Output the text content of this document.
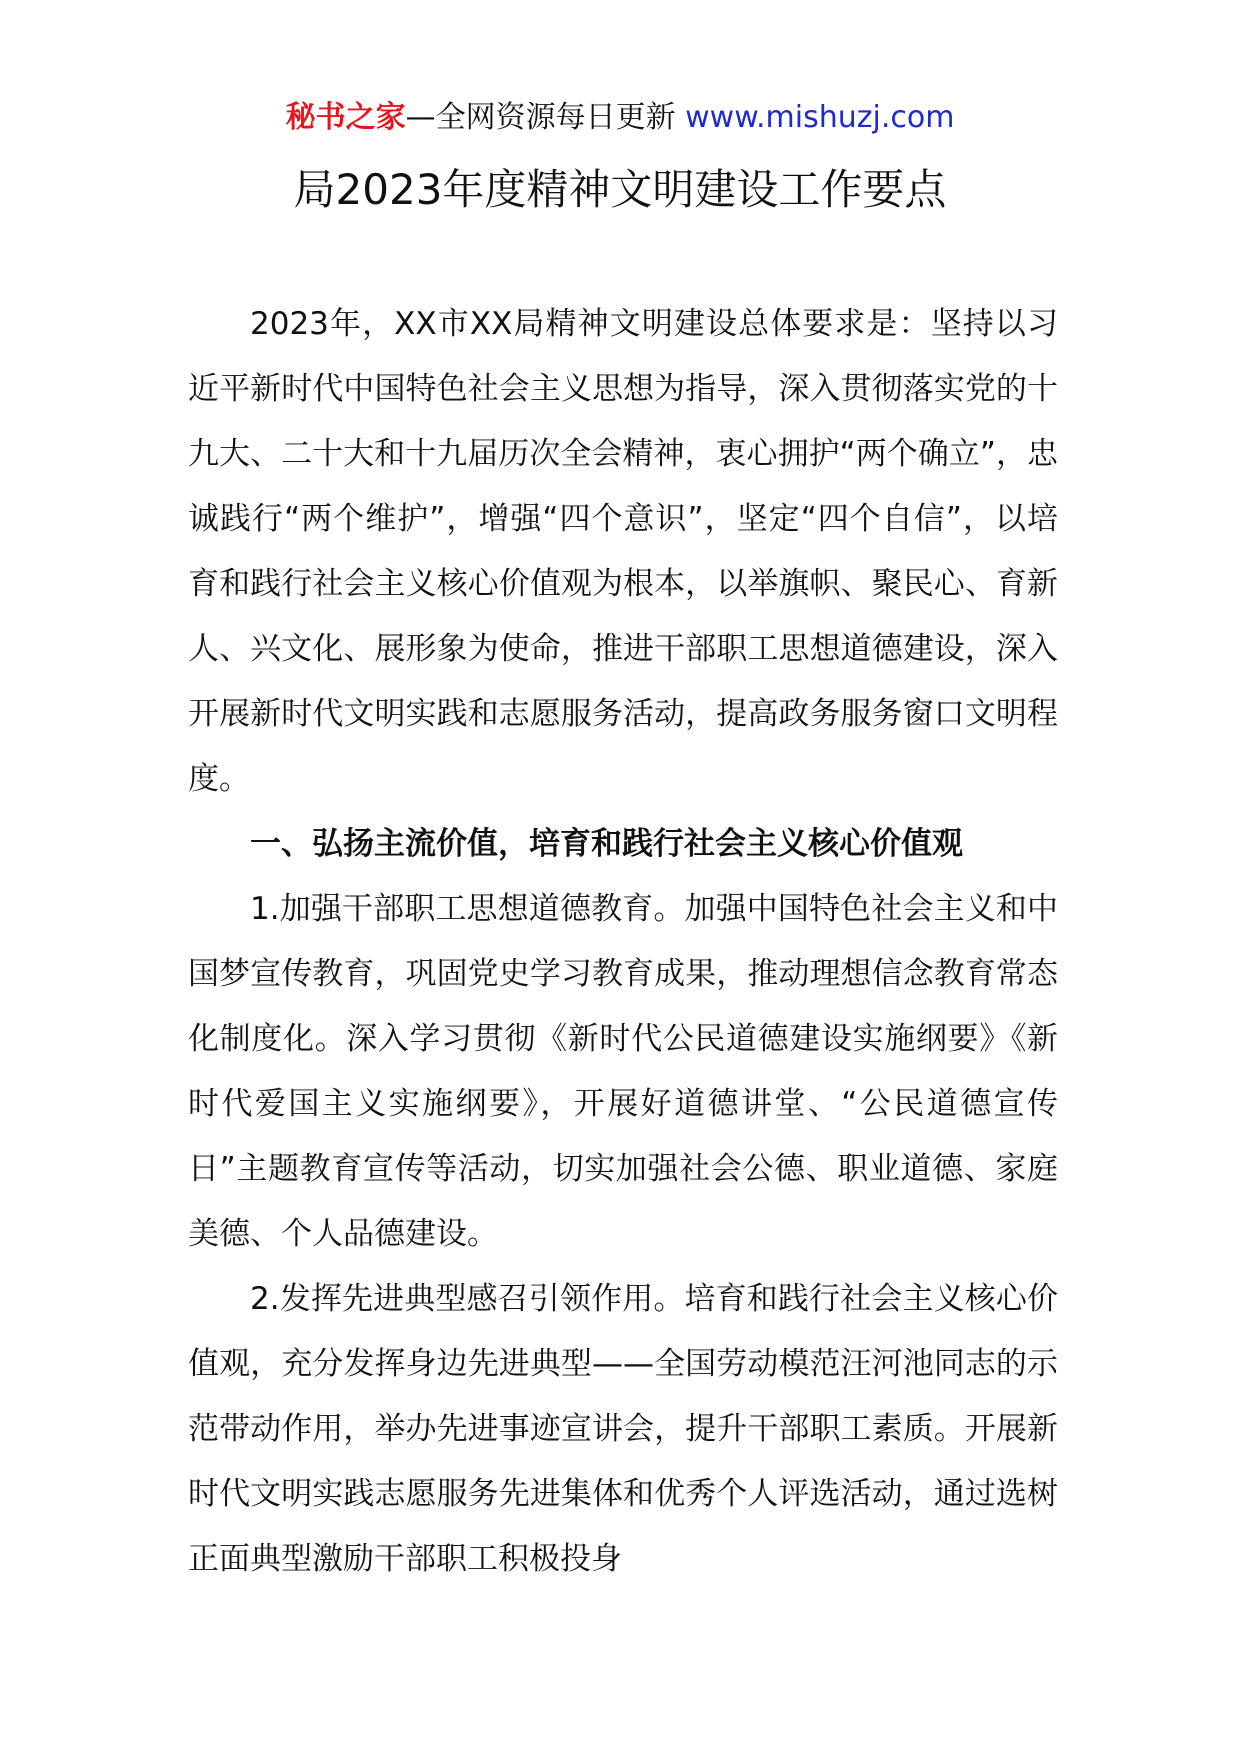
秘书之家—全网资源每日更新 www.mishuzj.com
局2023年度精神文明建设工作要点

2023年，XX市XX局精神文明建设总体要求是：坚持以习近平新时代中国特色社会主义思想为指导，深入贯彻落实党的十九大、二十大和十九届历次全会精神，衷心拥护“两个确立”，忠诚践行“两个维护”，增强“四个意识”，坚定“四个自信”，以培育和践行社会主义核心价值观为根本，以举旗帜、聚民心、育新人、兴文化、展形象为使命，推进干部职工思想道德建设，深入开展新时代文明实践和志愿服务活动，提高政务服务窗口文明程度。

一、弘扬主流价值，培育和践行社会主义核心价值观

1.加强干部职工思想道德教育。加强中国特色社会主义和中国梦宣传教育，巩固党史学习教育成果，推动理想信念教育常态化制度化。深入学习贯彻《新时代公民道德建设实施纲要》《新时代爱国主义实施纲要》，开展好道德讲堂、“公民道德宣传日”主题教育宣传等活动，切实加强社会公德、职业道德、家庭美德、个人品德建设。

2.发挥先进典型感召引领作用。培育和践行社会主义核心价值观，充分发挥身边先进典型——全国劳动模范汪河池同志的示范带动作用，举办先进事迹宣讲会，提升干部职工素质。开展新时代文明实践志愿服务先进集体和优秀个人评选活动，通过选树正面典型激励干部职工积极投身
